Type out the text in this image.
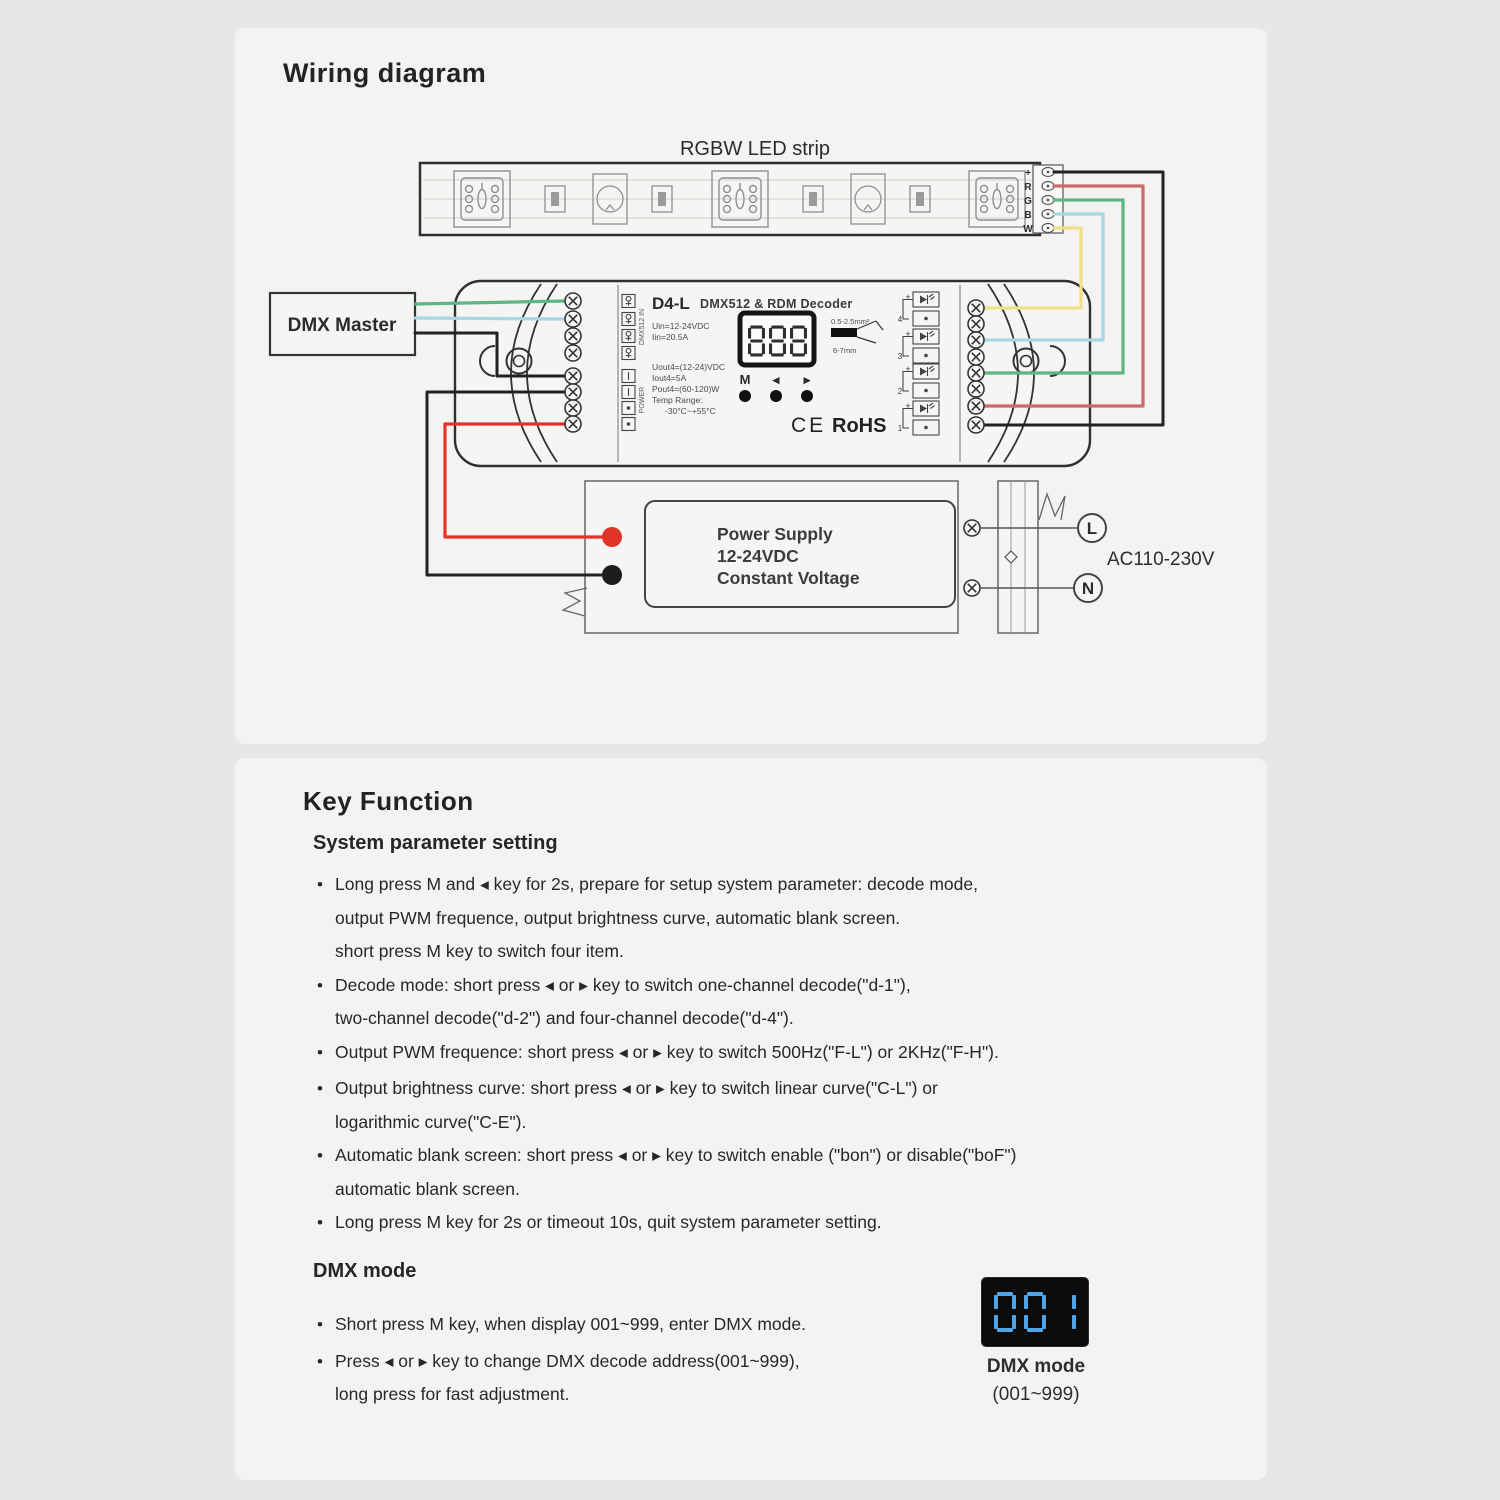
Wiring diagram
RGBW LED strip
+
R
G
B
W
DMX Master
Power Supply
12-24VDC
Constant Voltage
L
N
AC110-230V
DMX512 IN
POWER
D4-L DMX512 & RDM Decoder
Uin=12-24VDC
Iin=20.5A
Uout4=(12-24)VDC
Iout4=5A
Pout4=(60-120)W
Temp Range:
-30°C~+55°C
M ◂ ▸
0.5-2.5mm²
6-7mm
+
+
+
+
4
3
2
1
CE RoHS
Key Function
System parameter setting
•
Long press M and ◂ key for 2s, prepare for setup system parameter: decode mode,
output PWM frequence, output brightness curve, automatic blank screen.
short press M key to switch four item.
•
Decode mode: short press ◂ or ▸ key to switch one-channel decode("d-1"),
two-channel decode("d-2") and four-channel decode("d-4").
•
Output PWM frequence: short press ◂ or ▸ key to switch 500Hz("F-L") or 2KHz("F-H").
•
Output brightness curve: short press ◂ or ▸ key to switch linear curve("C-L") or
logarithmic curve("C-E").
•
Automatic blank screen: short press ◂ or ▸ key to switch enable ("bon") or disable("boF")
automatic blank screen.
•
Long press M key for 2s or timeout 10s, quit system parameter setting.
DMX mode
•
Short press M key, when display 001~999, enter DMX mode.
•
Press ◂ or ▸ key to change DMX decode address(001~999),
long press for fast adjustment.
DMX mode
(001~999)
